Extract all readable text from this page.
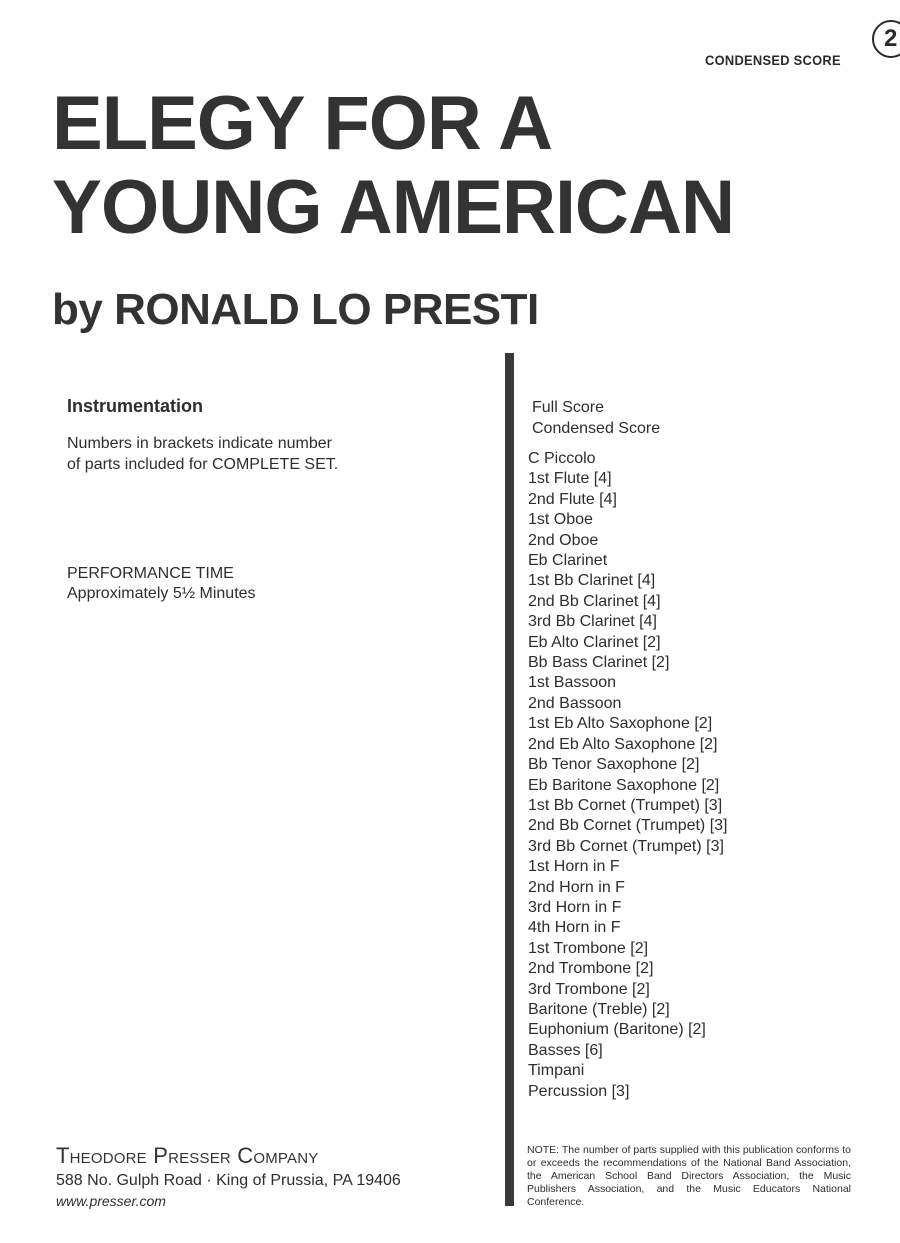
CONDENSED SCORE
2
ELEGY FOR A
YOUNG AMERICAN
by RONALD LO PRESTI
Instrumentation
Numbers in brackets indicate number
of parts included for COMPLETE SET.
PERFORMANCE TIME
Approximately 5½ Minutes
Full Score
Condensed Score
C Piccolo
1st Flute [4]
2nd Flute [4]
1st Oboe
2nd Oboe
Eb Clarinet
1st Bb Clarinet [4]
2nd Bb Clarinet [4]
3rd Bb Clarinet [4]
Eb Alto Clarinet [2]
Bb Bass Clarinet [2]
1st Bassoon
2nd Bassoon
1st Eb Alto Saxophone [2]
2nd Eb Alto Saxophone [2]
Bb Tenor Saxophone [2]
Eb Baritone Saxophone [2]
1st Bb Cornet (Trumpet) [3]
2nd Bb Cornet (Trumpet) [3]
3rd Bb Cornet (Trumpet) [3]
1st Horn in F
2nd Horn in F
3rd Horn in F
4th Horn in F
1st Trombone [2]
2nd Trombone [2]
3rd Trombone [2]
Baritone (Treble) [2]
Euphonium (Baritone) [2]
Basses [6]
Timpani
Percussion [3]
Theodore Presser Company
588 No. Gulph Road · King of Prussia, PA 19406
www.presser.com
NOTE: The number of parts supplied with this publication conforms to or exceeds the recommendations of the National Band Association, the American School Band Directors Association, the Music Publishers Association, and the Music Educators National Conference.
